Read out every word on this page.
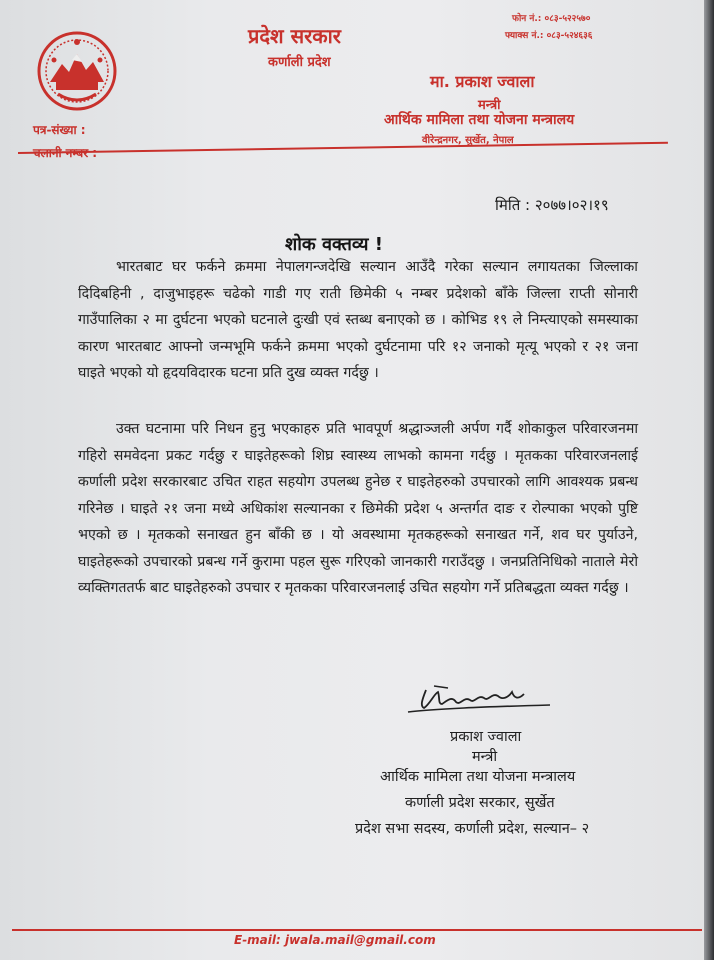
प्रदेश सरकार
कर्णाली प्रदेश
फोन नं.: ०८३-५२२५७०
फ्याक्स नं.: ०८३-५२४६३६
मा. प्रकाश ज्वाला
मन्त्री
आर्थिक मामिला तथा योजना मन्त्रालय
वीरेन्द्रनगर, सुर्खेत, नेपाल
पत्र-संख्या :
चलानी नम्बर :
मिति : २०७७।०२।१९
शोक वक्तव्य !

भारतबाट घर फर्कने क्रममा नेपालगन्जदेखि सल्यान आउँदै गरेका सल्यान लगायतका जिल्लाका दिदिबहिनी , दाजुभाइहरू चढेको गाडी गए राती छिमेकी ५ नम्बर प्रदेशको बाँके जिल्ला राप्ती सोनारी गाउँपालिका २ मा दुर्घटना भएको घटनाले दुःखी एवं स्तब्ध बनाएको छ । कोभिड १९ ले निम्त्याएको समस्याका कारण भारतबाट आफ्नो जन्मभूमि फर्कने क्रममा भएको दुर्घटनामा परि १२ जनाको मृत्यू भएको र २१ जना घाइते भएको यो हृदयविदारक घटना प्रति दुख व्यक्त गर्दछु ।

उक्त घटनामा परि निधन हुनु भएकाहरु प्रति भावपूर्ण श्रद्धाञ्जली अर्पण गर्दै शोकाकुल परिवारजनमा गहिरो समवेदना प्रकट गर्दछु र घाइतेहरूको शिघ्र स्वास्थ्य लाभको कामना गर्दछु । मृतकका परिवारजनलाई कर्णाली प्रदेश सरकारबाट उचित राहत सहयोग उपलब्ध हुनेछ र घाइतेहरुको उपचारको लागि आवश्यक प्रबन्ध गरिनेछ । घाइते २१ जना मध्ये अधिकांश सल्यानका र छिमेकी प्रदेश ५ अन्तर्गत दाङ र रोल्पाका भएको पुष्टि भएको छ । मृतकको सनाखत हुन बाँकी छ । यो अवस्थामा मृतकहरूको सनाखत गर्ने, शव घर पुर्याउने, घाइतेहरूको उपचारको प्रबन्ध गर्ने कुरामा पहल सुरू गरिएको जानकारी गराउँदछु । जनप्रतिनिधिको नाताले मेरो व्यक्तिगततर्फ बाट घाइतेहरुको उपचार र मृतकका परिवारजनलाई उचित सहयोग गर्ने प्रतिबद्धता व्यक्त गर्दछु ।

प्रकाश ज्वाला
मन्त्री
आर्थिक मामिला तथा योजना मन्त्रालय
कर्णाली प्रदेश सरकार, सुर्खेत
प्रदेश सभा सदस्य, कर्णाली प्रदेश, सल्यान– २
E-mail: jwala.mail@gmail.com
